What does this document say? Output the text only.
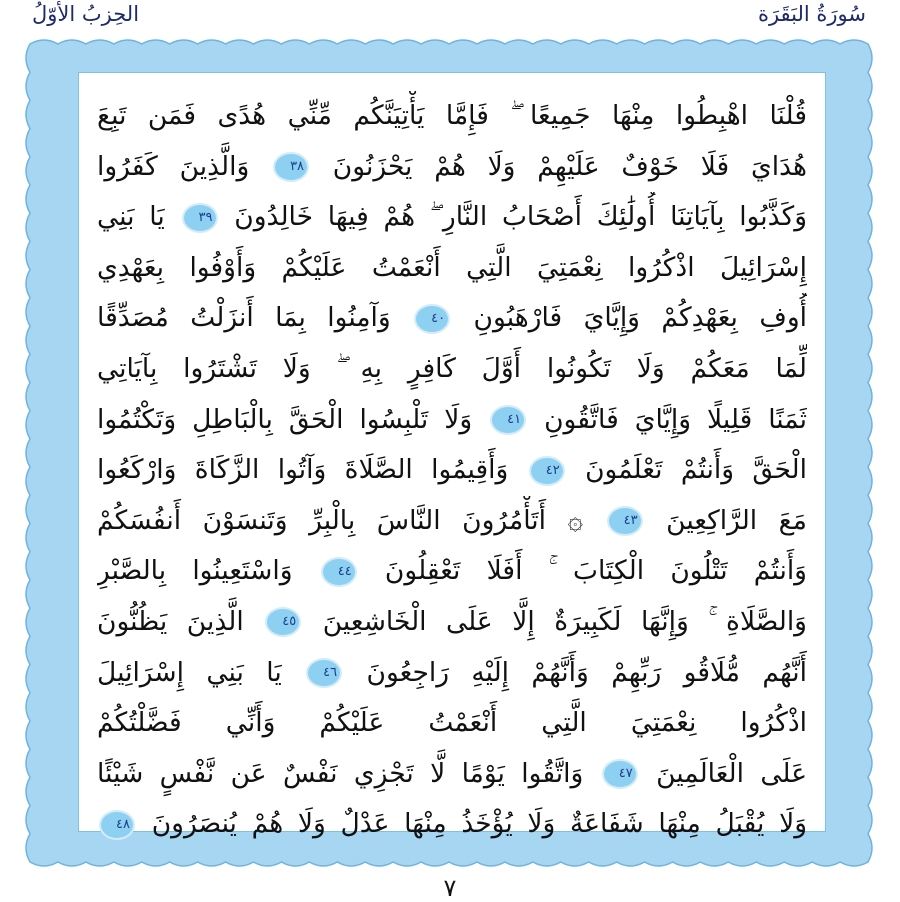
الحِزبُ الأوّلُ	سُورَةُ البَقَرَة
قُلْنَا اهْبِطُوا مِنْهَا جَمِيعًا ۖ فَإِمَّا يَأْتِيَنَّكُم مِّنِّي هُدًى فَمَن تَبِعَ
هُدَايَ فَلَا خَوْفٌ عَلَيْهِمْ وَلَا هُمْ يَحْزَنُونَ ٣٨ وَالَّذِينَ كَفَرُوا
وَكَذَّبُوا بِآيَاتِنَا أُولَٰئِكَ أَصْحَابُ النَّارِ ۖ هُمْ فِيهَا خَالِدُونَ ٣٩ يَا بَنِي
إِسْرَائِيلَ اذْكُرُوا نِعْمَتِيَ الَّتِي أَنْعَمْتُ عَلَيْكُمْ وَأَوْفُوا بِعَهْدِي
أُوفِ بِعَهْدِكُمْ وَإِيَّايَ فَارْهَبُونِ ٤٠ وَآمِنُوا بِمَا أَنزَلْتُ مُصَدِّقًا
لِّمَا مَعَكُمْ وَلَا تَكُونُوا أَوَّلَ كَافِرٍ بِهِ ۖ وَلَا تَشْتَرُوا بِآيَاتِي
ثَمَنًا قَلِيلًا وَإِيَّايَ فَاتَّقُونِ ٤١ وَلَا تَلْبِسُوا الْحَقَّ بِالْبَاطِلِ وَتَكْتُمُوا
الْحَقَّ وَأَنتُمْ تَعْلَمُونَ ٤٢ وَأَقِيمُوا الصَّلَاةَ وَآتُوا الزَّكَاةَ وَارْكَعُوا
مَعَ الرَّاكِعِينَ ٤٣ ۞ أَتَأْمُرُونَ النَّاسَ بِالْبِرِّ وَتَنسَوْنَ أَنفُسَكُمْ
وَأَنتُمْ تَتْلُونَ الْكِتَابَ ۚ أَفَلَا تَعْقِلُونَ ٤٤ وَاسْتَعِينُوا بِالصَّبْرِ
وَالصَّلَاةِ ۚ وَإِنَّهَا لَكَبِيرَةٌ إِلَّا عَلَى الْخَاشِعِينَ ٤٥ الَّذِينَ يَظُنُّونَ
أَنَّهُم مُّلَاقُو رَبِّهِمْ وَأَنَّهُمْ إِلَيْهِ رَاجِعُونَ ٤٦ يَا بَنِي إِسْرَائِيلَ
اذْكُرُوا نِعْمَتِيَ الَّتِي أَنْعَمْتُ عَلَيْكُمْ وَأَنِّي فَضَّلْتُكُمْ
عَلَى الْعَالَمِينَ ٤٧ وَاتَّقُوا يَوْمًا لَّا تَجْزِي نَفْسٌ عَن نَّفْسٍ شَيْئًا
وَلَا يُقْبَلُ مِنْهَا شَفَاعَةٌ وَلَا يُؤْخَذُ مِنْهَا عَدْلٌ وَلَا هُمْ يُنصَرُونَ ٤٨
٧
